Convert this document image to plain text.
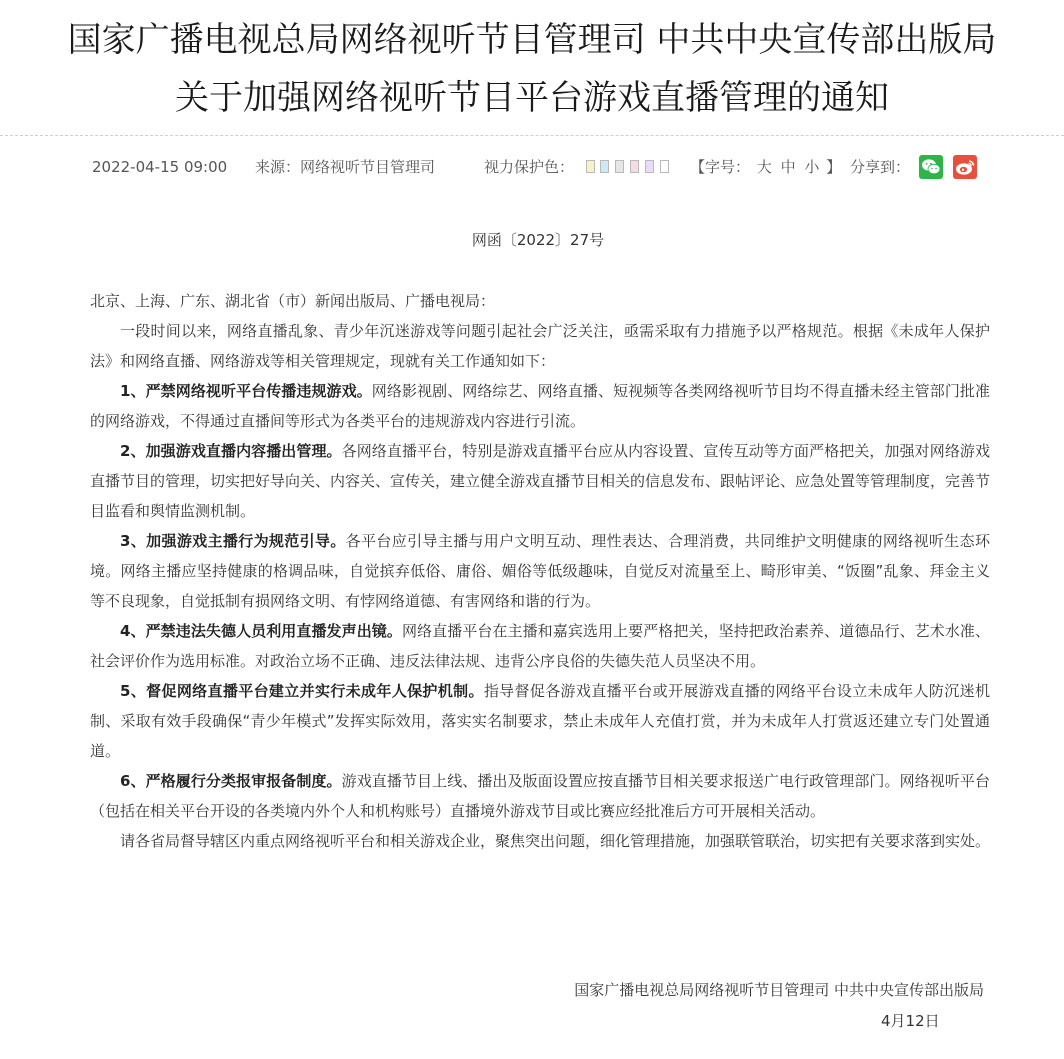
国家广播电视总局网络视听节目管理司 中共中央宣传部出版局
关于加强网络视听节目平台游戏直播管理的通知
2022-04-15 09:00 来源：网络视听节目管理司	视力保护色：	【字号： 大 中 小 】 分享到：
网函〔2022〕27号

北京、上海、广东、湖北省（市）新闻出版局、广播电视局：

一段时间以来，网络直播乱象、青少年沉迷游戏等问题引起社会广泛关注，亟需采取有力措施予以严格规范。根据《未成年人保护法》和网络直播、网络游戏等相关管理规定，现就有关工作通知如下：

1、严禁网络视听平台传播违规游戏。网络影视剧、网络综艺、网络直播、短视频等各类网络视听节目均不得直播未经主管部门批准的网络游戏，不得通过直播间等形式为各类平台的违规游戏内容进行引流。

2、加强游戏直播内容播出管理。各网络直播平台，特别是游戏直播平台应从内容设置、宣传互动等方面严格把关，加强对网络游戏直播节目的管理，切实把好导向关、内容关、宣传关，建立健全游戏直播节目相关的信息发布、跟帖评论、应急处置等管理制度，完善节目监看和舆情监测机制。

3、加强游戏主播行为规范引导。各平台应引导主播与用户文明互动、理性表达、合理消费，共同维护文明健康的网络视听生态环境。网络主播应坚持健康的格调品味，自觉摈弃低俗、庸俗、媚俗等低级趣味，自觉反对流量至上、畸形审美、“饭圈”乱象、拜金主义等不良现象，自觉抵制有损网络文明、有悖网络道德、有害网络和谐的行为。

4、严禁违法失德人员利用直播发声出镜。网络直播平台在主播和嘉宾选用上要严格把关，坚持把政治素养、道德品行、艺术水准、社会评价作为选用标准。对政治立场不正确、违反法律法规、违背公序良俗的失德失范人员坚决不用。

5、督促网络直播平台建立并实行未成年人保护机制。指导督促各游戏直播平台或开展游戏直播的网络平台设立未成年人防沉迷机制、采取有效手段确保“青少年模式”发挥实际效用，落实实名制要求，禁止未成年人充值打赏，并为未成年人打赏返还建立专门处置通道。

6、严格履行分类报审报备制度。游戏直播节目上线、播出及版面设置应按直播节目相关要求报送广电行政管理部门。网络视听平台（包括在相关平台开设的各类境内外个人和机构账号）直播境外游戏节目或比赛应经批准后方可开展相关活动。

请各省局督导辖区内重点网络视听平台和相关游戏企业，聚焦突出问题，细化管理措施，加强联管联治，切实把有关要求落到实处。

国家广播电视总局网络视听节目管理司 中共中央宣传部出版局
4月12日
